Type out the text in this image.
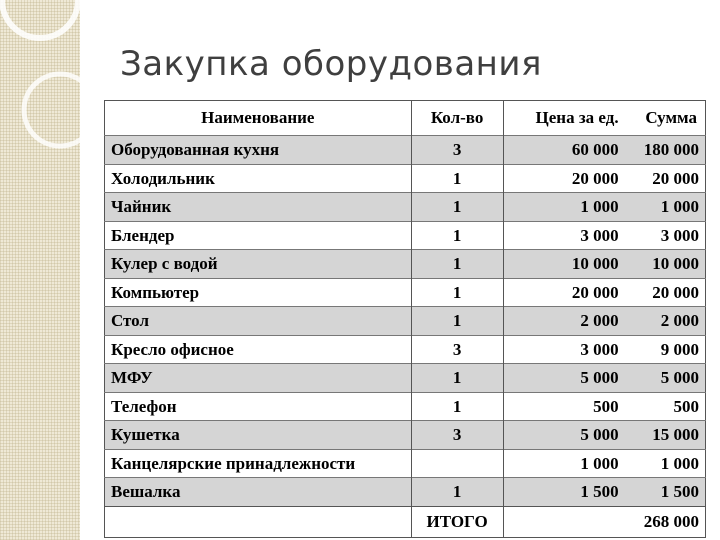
Закупка оборудования
Наименование	Кол-во	Цена за ед.	Сумма
Оборудованная кухня	3	60 000	180 000
Холодильник	1	20 000	20 000
Чайник	1	1 000	1 000
Блендер	1	3 000	3 000
Кулер с водой	1	10 000	10 000
Компьютер	1	20 000	20 000
Стол	1	2 000	2 000
Кресло офисное	3	3 000	9 000
МФУ	1	5 000	5 000
Телефон	1	500	500
Кушетка	3	5 000	15 000
Канцелярские принадлежности		1 000	1 000
Вешалка	1	1 500	1 500
	ИТОГО		268 000
